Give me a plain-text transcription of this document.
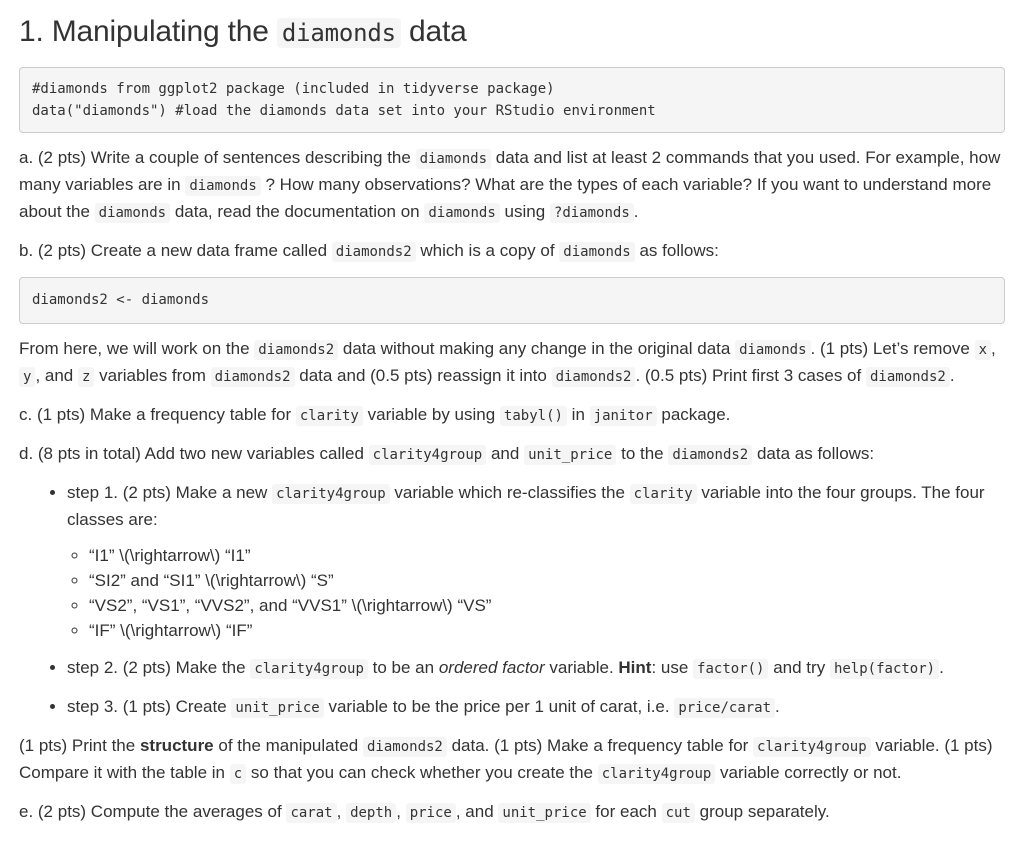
1. Manipulating the diamonds data
#diamonds from ggplot2 package (included in tidyverse package)
data("diamonds") #load the diamonds data set into your RStudio environment

a. (2 pts) Write a couple of sentences describing the diamonds data and list at least 2 commands that you used. For example, how many variables are in diamonds ? How many observations? What are the types of each variable? If you want to understand more about the diamonds data, read the documentation on diamonds using ?diamonds .

b. (2 pts) Create a new data frame called diamonds2 which is a copy of diamonds as follows:

diamonds2 <- diamonds

From here, we will work on the diamonds2 data without making any change in the original data diamonds . (1 pts) Let’s remove x , y , and z variables from diamonds2 data and (0.5 pts) reassign it into diamonds2 . (0.5 pts) Print first 3 cases of diamonds2 .

c. (1 pts) Make a frequency table for clarity variable by using tabyl() in janitor package.

d. (8 pts in total) Add two new variables called clarity4group and unit_price to the diamonds2 data as follows:

• step 1. (2 pts) Make a new clarity4group variable which re-classifies the clarity variable into the four groups. The four classes are:
◦ “I1” \(\rightarrow\) “I1”
◦ “SI2” and “SI1” \(\rightarrow\) “S”
◦ “VS2”, “VS1”, “VVS2”, and “VVS1” \(\rightarrow\) “VS”
◦ “IF” \(\rightarrow\) “IF”
• step 2. (2 pts) Make the clarity4group to be an ordered factor variable. Hint: use factor() and try help(factor) .
• step 3. (1 pts) Create unit_price variable to be the price per 1 unit of carat, i.e. price/carat .

(1 pts) Print the structure of the manipulated diamonds2 data. (1 pts) Make a frequency table for clarity4group variable. (1 pts) Compare it with the table in c so that you can check whether you create the clarity4group variable correctly or not.

e. (2 pts) Compute the averages of carat , depth , price , and unit_price for each cut group separately.
